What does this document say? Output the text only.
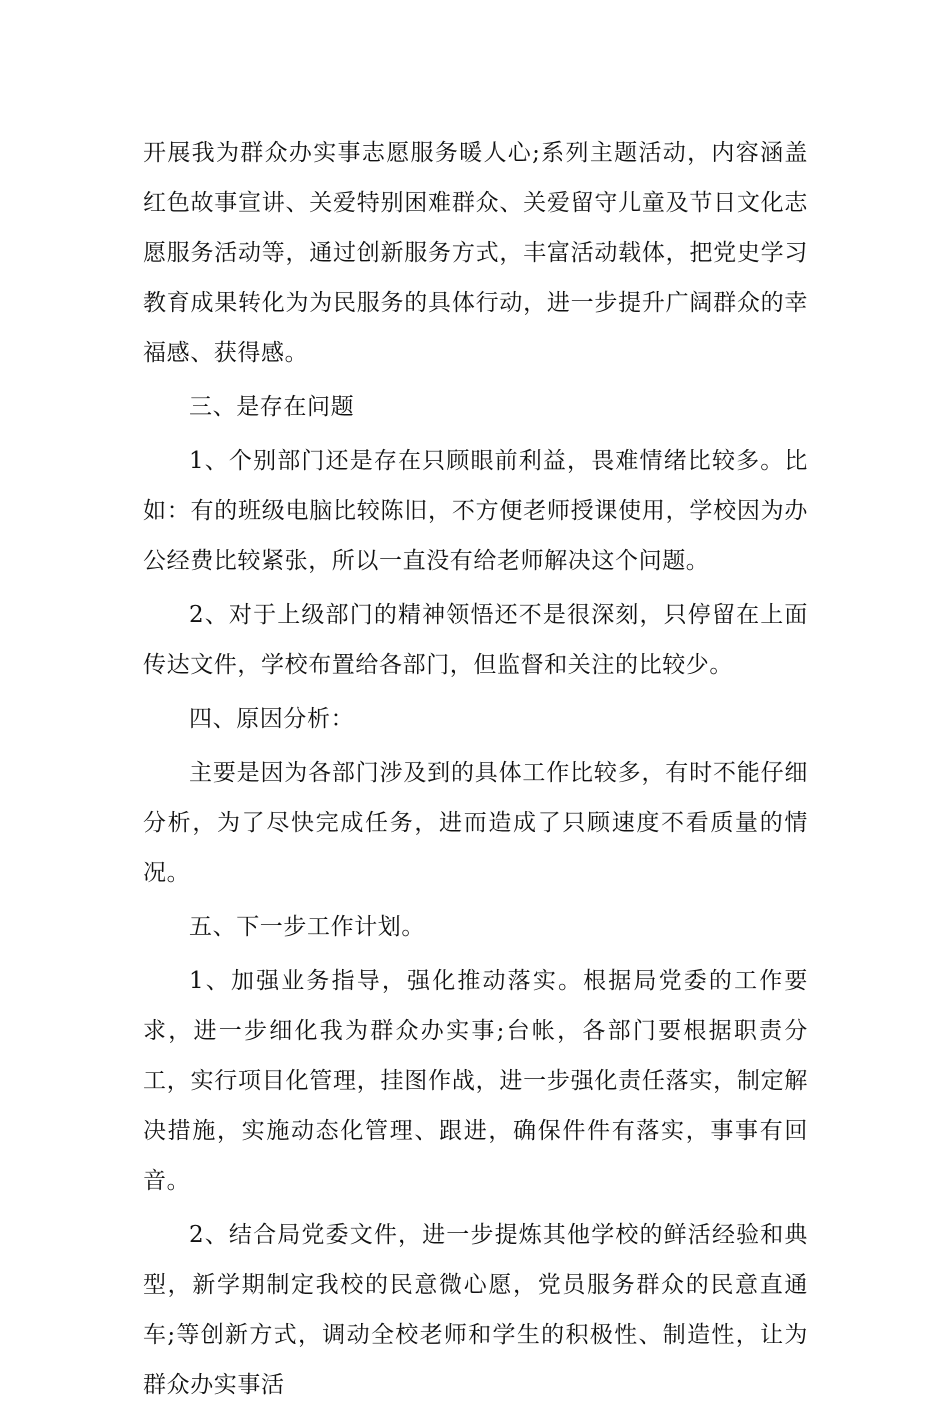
开展我为群众办实事志愿服务暖人心;系列主题活动，内容涵盖红色故事宣讲、关爱特别困难群众、关爱留守儿童及节日文化志愿服务活动等，通过创新服务方式，丰富活动载体，把党史学习教育成果转化为为民服务的具体行动，进一步提升广阔群众的幸福感、获得感。

三、是存在问题

1、个别部门还是存在只顾眼前利益，畏难情绪比较多。比如：有的班级电脑比较陈旧，不方便老师授课使用，学校因为办公经费比较紧张，所以一直没有给老师解决这个问题。

2、对于上级部门的精神领悟还不是很深刻，只停留在上面传达文件，学校布置给各部门，但监督和关注的比较少。

四、原因分析：

主要是因为各部门涉及到的具体工作比较多，有时不能仔细分析，为了尽快完成任务，进而造成了只顾速度不看质量的情况。

五、下一步工作计划。

1、加强业务指导，强化推动落实。根据局党委的工作要求，进一步细化我为群众办实事;台帐，各部门要根据职责分工，实行项目化管理，挂图作战，进一步强化责任落实，制定解决措施，实施动态化管理、跟进，确保件件有落实，事事有回音。

2、结合局党委文件，进一步提炼其他学校的鲜活经验和典型，新学期制定我校的民意微心愿，党员服务群众的民意直通车;等创新方式，调动全校老师和学生的积极性、制造性，让为群众办实事活
